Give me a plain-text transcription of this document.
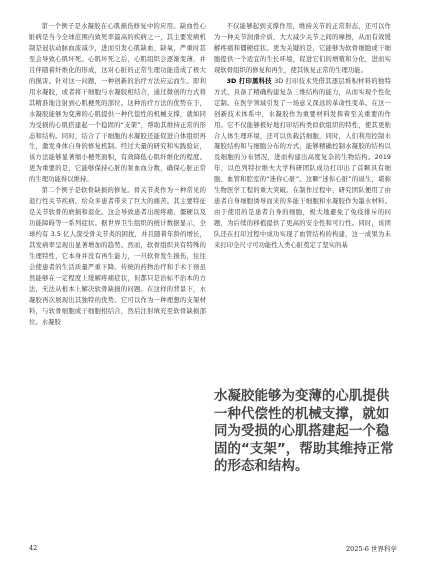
第一个例子是水凝胶在心肌损伤修复中的应用。缺血性心脏病是当今全球范围内致死率最高的疾病之一，其主要发病机制是冠状动脉血流减少，进而引发心肌缺血、缺氧，严重时甚至会导致心肌坏死。心肌坏死之后，心肌组织会逐渐变薄，并且伴随着纤维化的形成，这对心脏的正常生理功能造成了极大的损害。针对这一问题，一种创新的治疗方法应运而生。即利用水凝胶，或者将干细胞与水凝胶相结合，通过微创的方式将其精准地注射到心肌梗死的部位。这种治疗方法的优势在于，水凝胶能够为变薄的心肌提供一种代偿性的机械支撑，就如同为受损的心肌搭建起一个稳固的“支架”，帮助其维持正常的形态和结构。同时，结合了干细胞的水凝胶还能促进自体组织再生，激发身体自身的修复机制。经过大量的研究和实践验证，该方法能够显著缩小梗死面积，有效降低心肌纤维化的程度。更为重要的是，它能够保持心脏的泵血血分数，确保心脏正常的生理功能得以维持。

第二个例子是软骨缺损的修复。骨关节炎作为一种常见的退行性关节疾病，给众多患者带来了巨大的痛苦。其主要特征是关节软骨的磨损和退化。这会导致患者出现疼痛、僵硬以及功能障碍等一系列症状。据世界卫生组织的统计数据显示，全球约有 3.5 亿人深受骨关节炎的困扰，并且随着年龄的增长，其发病率呈现出显著增加的趋势。然而，软骨组织具有特殊的生理特性，它本身并没有再生能力，一旦软骨发生损伤，往往会使患者的生活质量严重下降。传统的药物治疗和手术干预虽然能够在一定程度上缓解疼痛症状，但都只是治标不治本的方法，无法从根本上解决软骨缺损的问题。在这样的背景下，水凝胶再次展现出其独特的优势。它可以作为一种理想的支架材料，与软骨细胞或干细胞相结合，然后注射填充至软骨缺损部位。水凝胶

不仅能够起到支撑作用，维持关节的正常形态，还可以作为一种关节润滑介质，大大减少关节之间的摩擦，从而有效缓解疼痛和僵硬症状。更为关键的是，它能够为软骨细胞或干细胞提供一个适宜的生长环境，促进它们的增殖和分化，进而实现软骨组织的修复和再生，使其恢复正常的生理功能。

3D 打印黑科技 3D 打印技术凭借其逐层堆积材料的独特方式，具备了精确构建复杂三维结构的能力，从而实现个性化定制。在医学领域引发了一场意义深远的革命性变革。在这一创新技术体系中，水凝胶作为重要材料发挥着至关重要的作用。它不仅能够极好地打印结构类似软组织的特性，使其更贴合人体生理环境，还可以负载活细胞，同时，人们利用控制水凝胶结构和与细胞分布的方式，能够精确控制水凝胶的结构以及细胞的分布情况，进而构建出高度复杂的生物结构。2019 年，以色列特拉维夫大学科研团队成功打印出了首颗具有细胞、血管和腔室的“迷你心脏”。这颗“迷你心脏”的诞生，堪称生物医学工程的重大突破。在制作过程中，研究团队便用了由患者自身细胞诱导而来的多能干细胞和水凝胶作为墨水材料。由于使用的是患者自身的细胞，极大地避免了免疫排斥的问题，为后续的移植提供了更高的安全性和可行性。同时，该团队还在打印过程中成功实现了血管结构的构建，这一成果为未来打印全尺寸可功能性人类心脏奠定了坚实的基

水凝胶能够为变薄的心肌提供一种代偿性的机械支撑，就如同为受损的心肌搭建起一个稳固的“支架”，帮助其维持正常的形态和结构。
42	2025-6 世界科学
